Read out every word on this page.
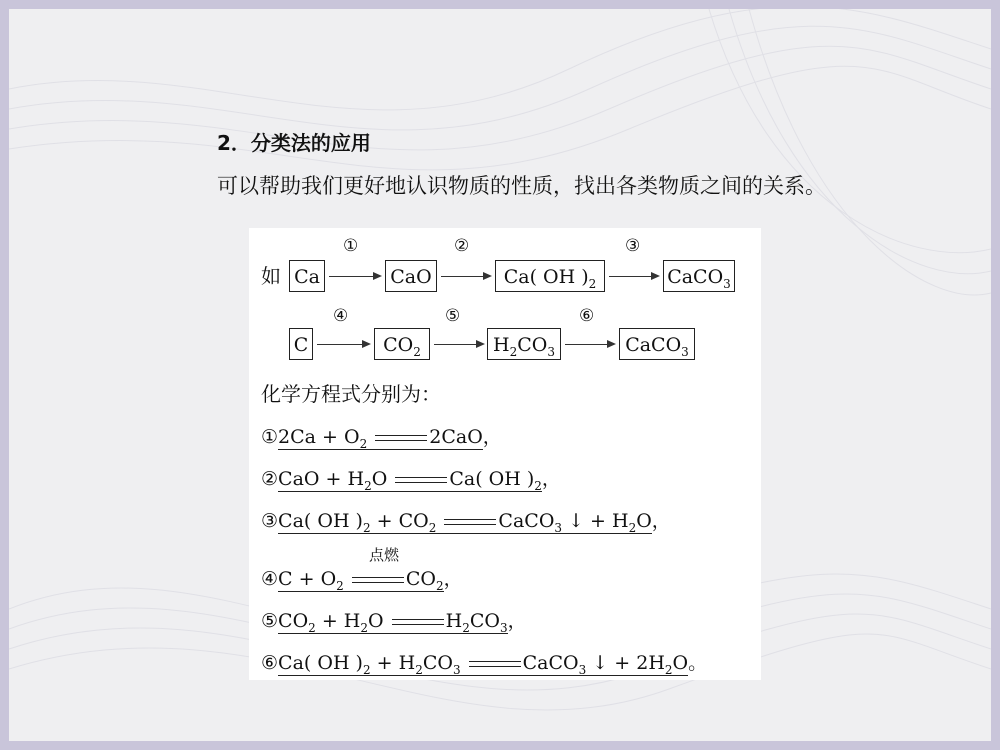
2．分类法的应用
可以帮助我们更好地认识物质的性质，找出各类物质之间的关系。
如 Ca
①
CaO
②
Ca( OH )$_2$
③
CaCO$_3$
C
④
$CO_2$
⑤
$H_2CO_3$
⑥
CaCO$_3$
化学方程式分别为：
①2Ca + $O_2$	2CaO，
②CaO + $H_2O$	Ca( OH )$_2$，
③Ca( OH )$_2 + CO_2$	CaCO$_3$ ↓ + $H_2O$，
点燃
④C + $O_2$	$CO_2$，
$⑤CO_2 + H_2O$	$H_2CO_3$，
⑥Ca( OH )$_2 + H_2CO_3$	CaCO$_3$ ↓ + $2H_2O$。
